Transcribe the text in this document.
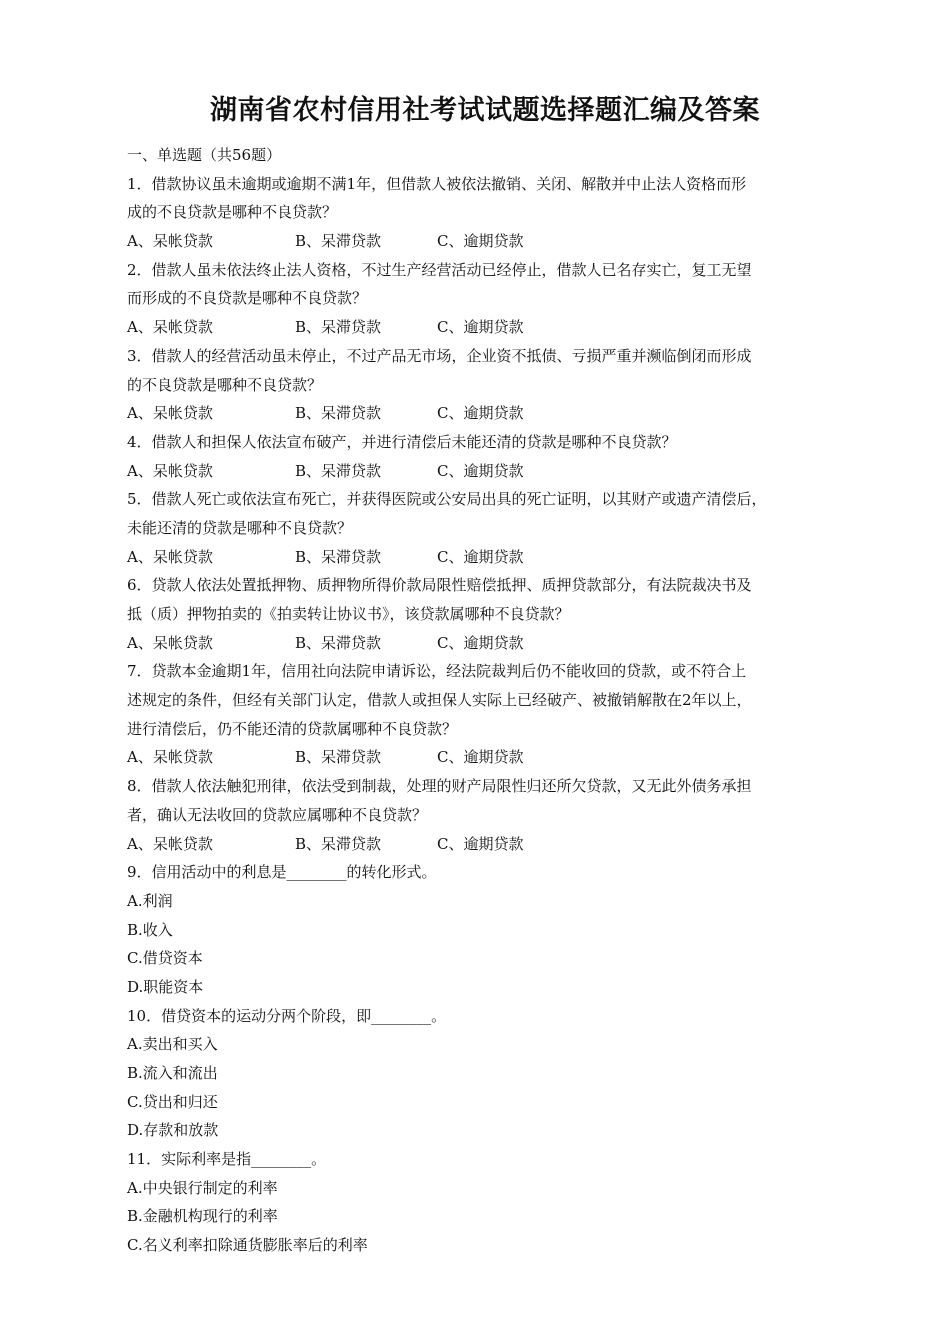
湖南省农村信用社考试试题选择题汇编及答案
一、单选题（共56题）
1．借款协议虽未逾期或逾期不满1年，但借款人被依法撤销、关闭、解散并中止法人资格而形
成的不良贷款是哪种不良贷款？
A、呆帐贷款	B、呆滞贷款	C、逾期贷款
2．借款人虽未依法终止法人资格，不过生产经营活动已经停止，借款人已名存实亡，复工无望
而形成的不良贷款是哪种不良贷款？
A、呆帐贷款	B、呆滞贷款	C、逾期贷款
3．借款人的经营活动虽未停止，不过产品无市场，企业资不抵债、亏损严重并濒临倒闭而形成
的不良贷款是哪种不良贷款？
A、呆帐贷款	B、呆滞贷款	C、逾期贷款
4．借款人和担保人依法宣布破产，并进行清偿后未能还清的贷款是哪种不良贷款？
A、呆帐贷款	B、呆滞贷款	C、逾期贷款
5．借款人死亡或依法宣布死亡，并获得医院或公安局出具的死亡证明，以其财产或遗产清偿后，
未能还清的贷款是哪种不良贷款？
A、呆帐贷款	B、呆滞贷款	C、逾期贷款
6．贷款人依法处置抵押物、质押物所得价款局限性赔偿抵押、质押贷款部分，有法院裁决书及
抵（质）押物拍卖的《拍卖转让协议书》，该贷款属哪种不良贷款？
A、呆帐贷款	B、呆滞贷款	C、逾期贷款
7．贷款本金逾期1年，信用社向法院申请诉讼，经法院裁判后仍不能收回的贷款，或不符合上
述规定的条件，但经有关部门认定，借款人或担保人实际上已经破产、被撤销解散在2年以上，
进行清偿后，仍不能还清的贷款属哪种不良贷款？
A、呆帐贷款	B、呆滞贷款	C、逾期贷款
8．借款人依法触犯刑律，依法受到制裁，处理的财产局限性归还所欠贷款，又无此外债务承担
者，确认无法收回的贷款应属哪种不良贷款？
A、呆帐贷款	B、呆滞贷款	C、逾期贷款
9．信用活动中的利息是________的转化形式。
A.利润
B.收入
C.借贷资本
D.职能资本
10．借贷资本的运动分两个阶段，即________。
A.卖出和买入
B.流入和流出
C.贷出和归还
D.存款和放款
11．实际利率是指________。
A.中央银行制定的利率
B.金融机构现行的利率
C.名义利率扣除通货膨胀率后的利率
